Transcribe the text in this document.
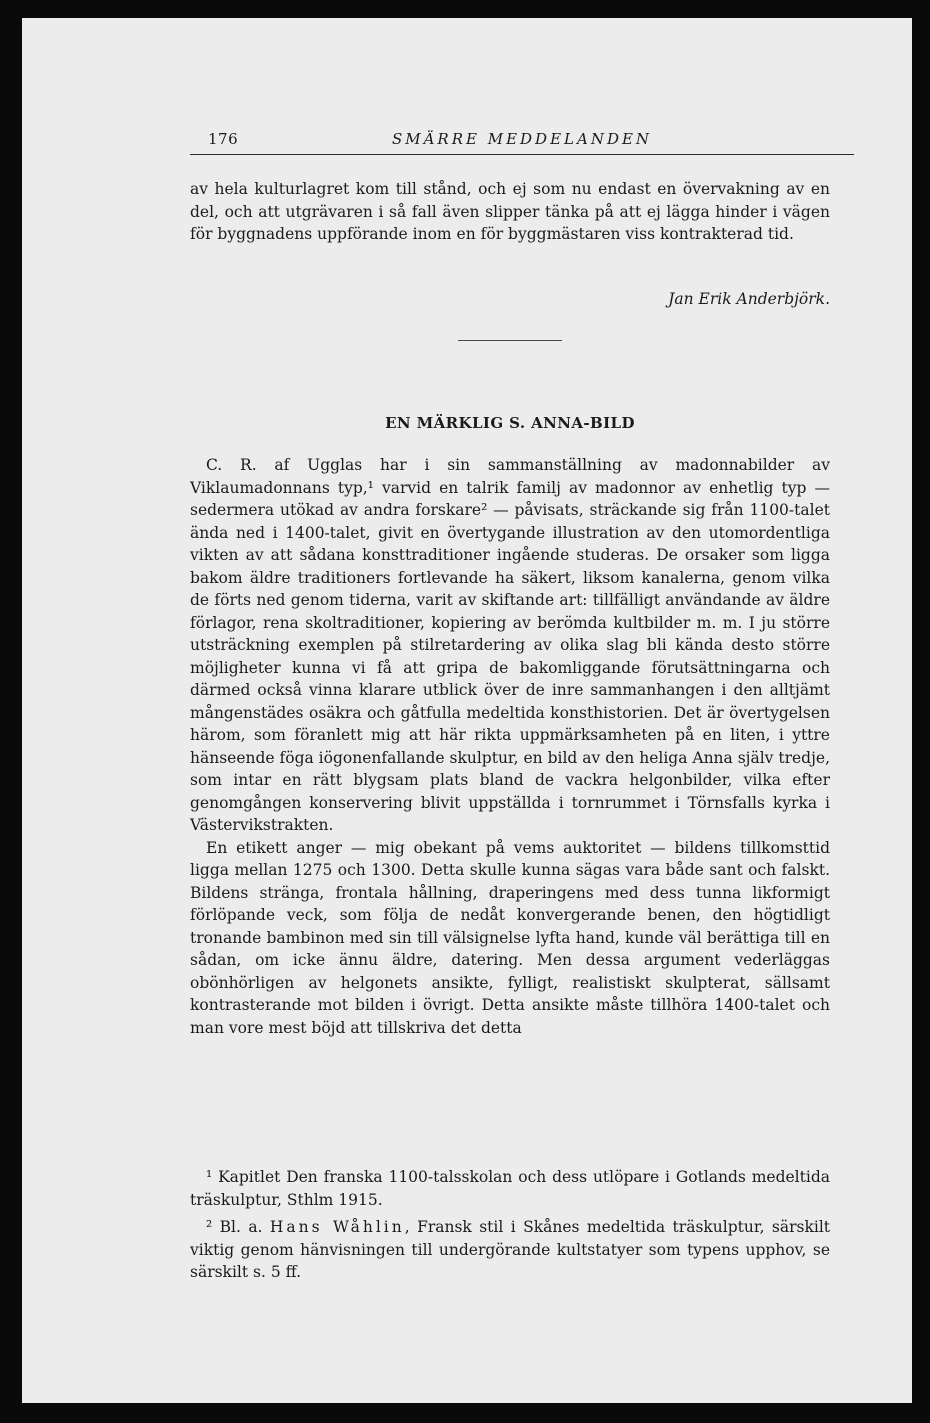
176	SMÄRRE MEDDELANDEN

av hela kulturlagret kom till stånd, och ej som nu endast en övervakning av en del, och att utgrävaren i så fall även slipper tänka på att ej lägga hinder i vägen för byggnadens uppförande inom en för byggmästaren viss kontrakterad tid.

Jan Erik Anderbjörk.
EN MÄRKLIG S. ANNA-BILD

C. R. af Ugglas har i sin sammanställning av madonnabilder av Viklaumadonnans typ,¹ varvid en talrik familj av madonnor av enhetlig typ — sedermera utökad av andra forskare² — påvisats, sträckande sig från 1100-talet ända ned i 1400-talet, givit en övertygande illustration av den utomordentliga vikten av att sådana konsttraditioner ingående studeras. De orsaker som ligga bakom äldre traditioners fortlevande ha säkert, liksom kanalerna, genom vilka de förts ned genom tiderna, varit av skiftande art: tillfälligt användande av äldre förlagor, rena skoltraditioner, kopiering av berömda kultbilder m. m. I ju större utsträckning exemplen på stilretardering av olika slag bli kända desto större möjligheter kunna vi få att gripa de bakomliggande förutsättningarna och därmed också vinna klarare utblick över de inre sammanhangen i den alltjämt mångenstädes osäkra och gåtfulla medeltida konsthistorien. Det är övertygelsen härom, som föranlett mig att här rikta uppmärksamheten på en liten, i yttre hänseende föga iögonenfallande skulptur, en bild av den heliga Anna själv tredje, som intar en rätt blygsam plats bland de vackra helgonbilder, vilka efter genomgången konservering blivit uppställda i tornrummet i Törnsfalls kyrka i Västervikstrakten.

En etikett anger — mig obekant på vems auktoritet — bildens tillkomsttid ligga mellan 1275 och 1300. Detta skulle kunna sägas vara både sant och falskt. Bildens stränga, frontala hållning, draperingens med dess tunna likformigt förlöpande veck, som följa de nedåt konvergerande benen, den högtidligt tronande bambinon med sin till välsignelse lyfta hand, kunde väl berättiga till en sådan, om icke ännu äldre, datering. Men dessa argument vederläggas obönhörligen av helgonets ansikte, fylligt, realistiskt skulpterat, sällsamt kontrasterande mot bilden i övrigt. Detta ansikte måste tillhöra 1400-talet och man vore mest böjd att tillskriva det detta

¹ Kapitlet Den franska 1100-talsskolan och dess utlöpare i Gotlands medeltida träskulptur, Sthlm 1915.

² Bl. a. Hans Wåhlin, Fransk stil i Skånes medeltida träskulptur, särskilt viktig genom hänvisningen till undergörande kultstatyer som typens upphov, se särskilt s. 5 ff.
